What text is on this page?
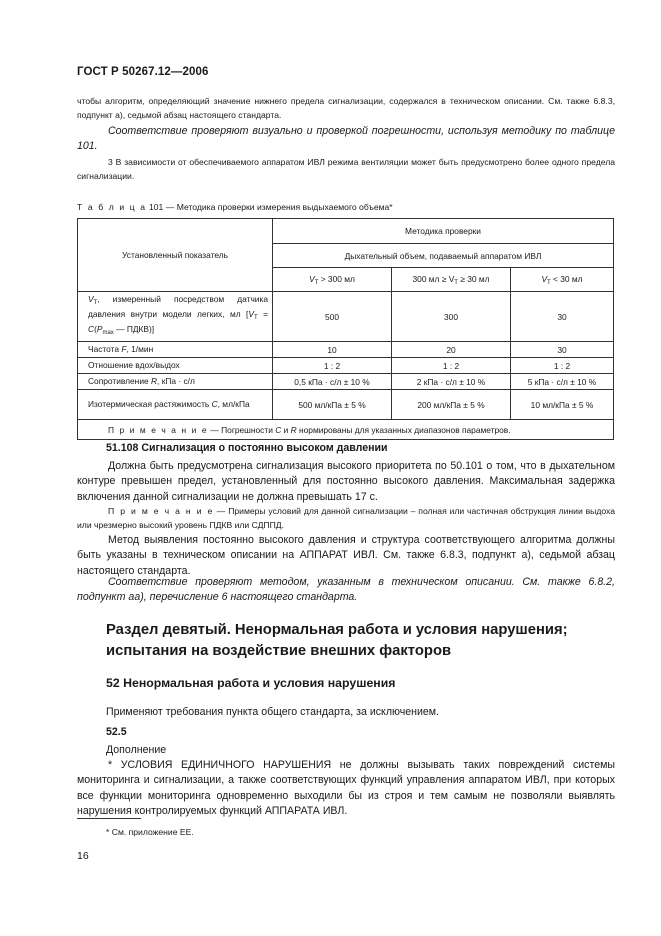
ГОСТ Р 50267.12—2006

чтобы алгоритм, определяющий значение нижнего предела сигнализации, содержался в техническом описании. См. также 6.8.3, подпункт а), седьмой абзац настоящего стандарта.

Соответствие проверяют визуально и проверкой погрешности, используя методику по таблице 101.

3 В зависимости от обеспечиваемого аппаратом ИВЛ режима вентиляции может быть предусмотрено более одного предела сигнализации.

Т а б л и ц а 101 — Методика проверки измерения выдыхаемого объема*
Установленный показатель	Методика проверки		
	Дыхательный объем, подаваемый аппаратом ИВЛ		
	$V_T > 300$ мл	300 мл ≥ $V_T \ge 30$ мл	$V_T < 30$ мл
$V_T$, измеренный посредством датчика давления внутри модели легких, мл [$V_T = C(P_{max}$ — ПДКВ)]	500	300	30
Частота F, 1/мин	10	20	30
Отношение вдох/выдох	1 : 2	1 : 2	1 : 2
Сопротивление R, кПа · с/л	0,5 кПа · с/л ± 10 %	2 кПа · с/л ± 10 %	5 кПа · с/л ± 10 %
Изотермическая растяжимость C, мл/кПа	500 мл/кПа ± 5 %	200 мл/кПа ± 5 %	10 мл/кПа ± 5 %
П р и м е ч а н и е — Погрешности C и R нормированы для указанных диапазонов параметров.			
51.108 Сигнализация о постоянно высоком давлении

Должна быть предусмотрена сигнализация высокого приоритета по 50.101 о том, что в дыхательном контуре превышен предел, установленный для постоянно высокого давления. Максимальная задержка включения данной сигнализации не должна превышать 17 с.

П р и м е ч а н и е — Примеры условий для данной сигнализации – полная или частичная обструкция линии выдоха или чрезмерно высокий уровень ПДКВ или СДППД.

Метод выявления постоянно высокого давления и структура соответствующего алгоритма должны быть указаны в техническом описании на АППАРАТ ИВЛ. См. также 6.8.3, подпункт а), седьмой абзац настоящего стандарта.

Соответствие проверяют методом, указанным в техническом описании. См. также 6.8.2, подпункт аа), перечисление 6 настоящего стандарта.

Раздел девятый. Ненормальная работа и условия нарушения; испытания на воздействие внешних факторов
52 Ненормальная работа и условия нарушения
Применяют требования пункта общего стандарта, за исключением.
52.5
Дополнение

* УСЛОВИЯ ЕДИНИЧНОГО НАРУШЕНИЯ не должны вызывать таких повреждений системы мониторинга и сигнализации, а также соответствующих функций управления аппаратом ИВЛ, при которых все функции мониторинга одновременно выходили бы из строя и тем самым не позволяли выявлять нарушения контролируемых функций АППАРАТА ИВЛ.

* См. приложение ЕЕ.
16
